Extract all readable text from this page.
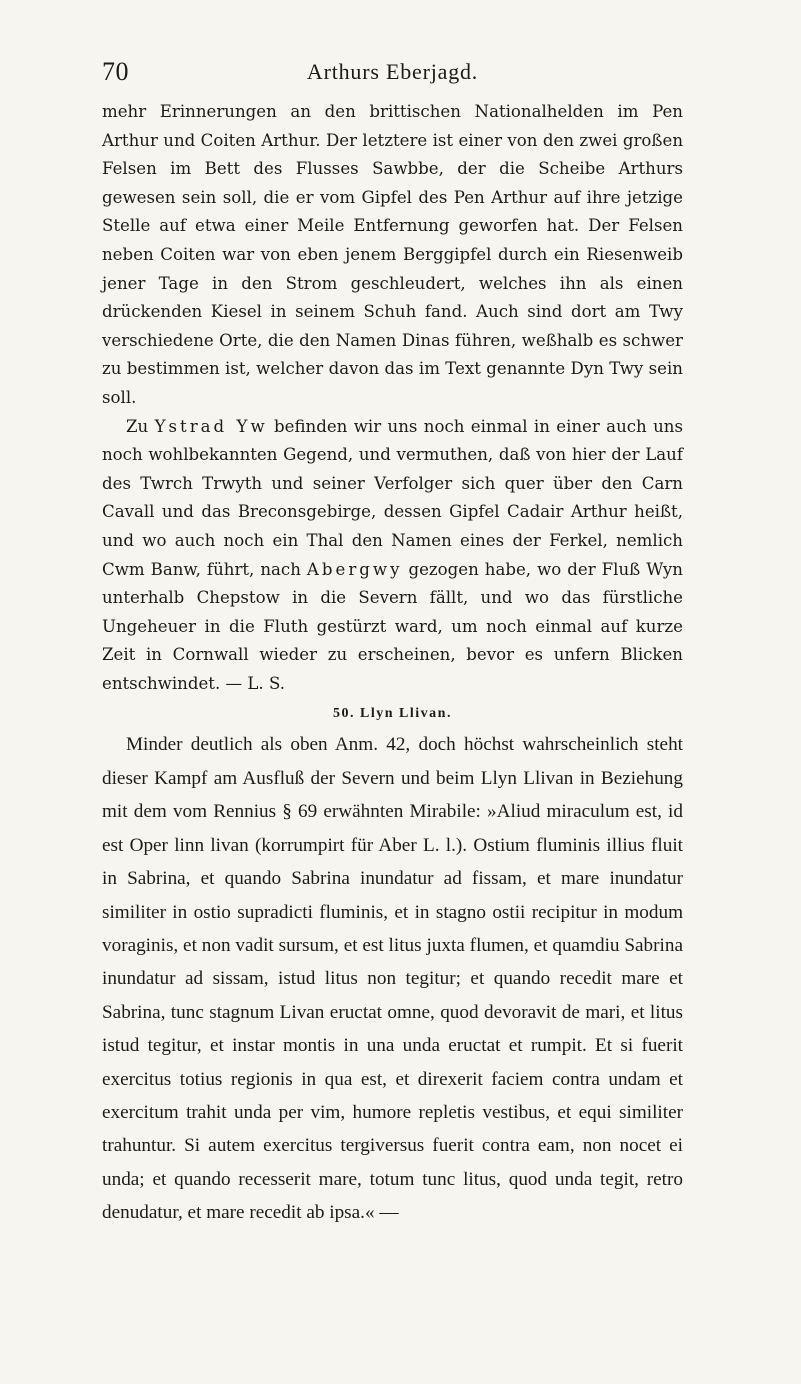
70	Arthurs Eberjagd.

mehr Erinnerungen an den brittischen Nationalhelden im Pen Arthur und Coiten Arthur. Der letztere ist einer von den zwei großen Felsen im Bett des Flusses Sawbbe, der die Scheibe Arthurs gewesen sein soll, die er vom Gipfel des Pen Arthur auf ihre jetzige Stelle auf etwa einer Meile Entfernung geworfen hat. Der Felsen neben Coiten war von eben jenem Berggipfel durch ein Riesenweib jener Tage in den Strom geschleudert, welches ihn als einen drückenden Kiesel in seinem Schuh fand. Auch sind dort am Twy verschiedene Orte, die den Namen Dinas führen, weßhalb es schwer zu bestimmen ist, welcher davon das im Text genannte Dyn Twy sein soll.

Zu Ystrad Yw befinden wir uns noch einmal in einer auch uns noch wohlbekannten Gegend, und vermuthen, daß von hier der Lauf des Twrch Trwyth und seiner Verfolger sich quer über den Carn Cavall und das Breconsgebirge, dessen Gipfel Cadair Arthur heißt, und wo auch noch ein Thal den Namen eines der Ferkel, nemlich Cwm Banw, führt, nach Abergwy gezogen habe, wo der Fluß Wyn unterhalb Chepstow in die Severn fällt, und wo das fürstliche Ungeheuer in die Fluth gestürzt ward, um noch einmal auf kurze Zeit in Cornwall wieder zu erscheinen, bevor es unfern Blicken entschwindet. — L. S.

50. Llyn Llivan.

Minder deutlich als oben Anm. 42, doch höchst wahrscheinlich steht dieser Kampf am Ausfluß der Severn und beim Llyn Llivan in Beziehung mit dem vom Rennius § 69 erwähnten Mirabile: »Aliud miraculum est, id est Oper linn livan (korrumpirt für Aber L. l.). Ostium fluminis illius fluit in Sabrina, et quando Sabrina inundatur ad fissam, et mare inundatur similiter in ostio supradicti fluminis, et in stagno ostii recipitur in modum voraginis, et non vadit sursum, et est litus juxta flumen, et quamdiu Sabrina inundatur ad sissam, istud litus non tegitur; et quando recedit mare et Sabrina, tunc stagnum Livan eructat omne, quod devoravit de mari, et litus istud tegitur, et instar montis in una unda eructat et rumpit. Et si fuerit exercitus totius regionis in qua est, et direxerit faciem contra undam et exercitum trahit unda per vim, humore repletis vestibus, et equi similiter trahuntur. Si autem exercitus tergiversus fuerit contra eam, non nocet ei unda; et quando recesserit mare, totum tunc litus, quod unda tegit, retro denudatur, et mare recedit ab ipsa.« —
